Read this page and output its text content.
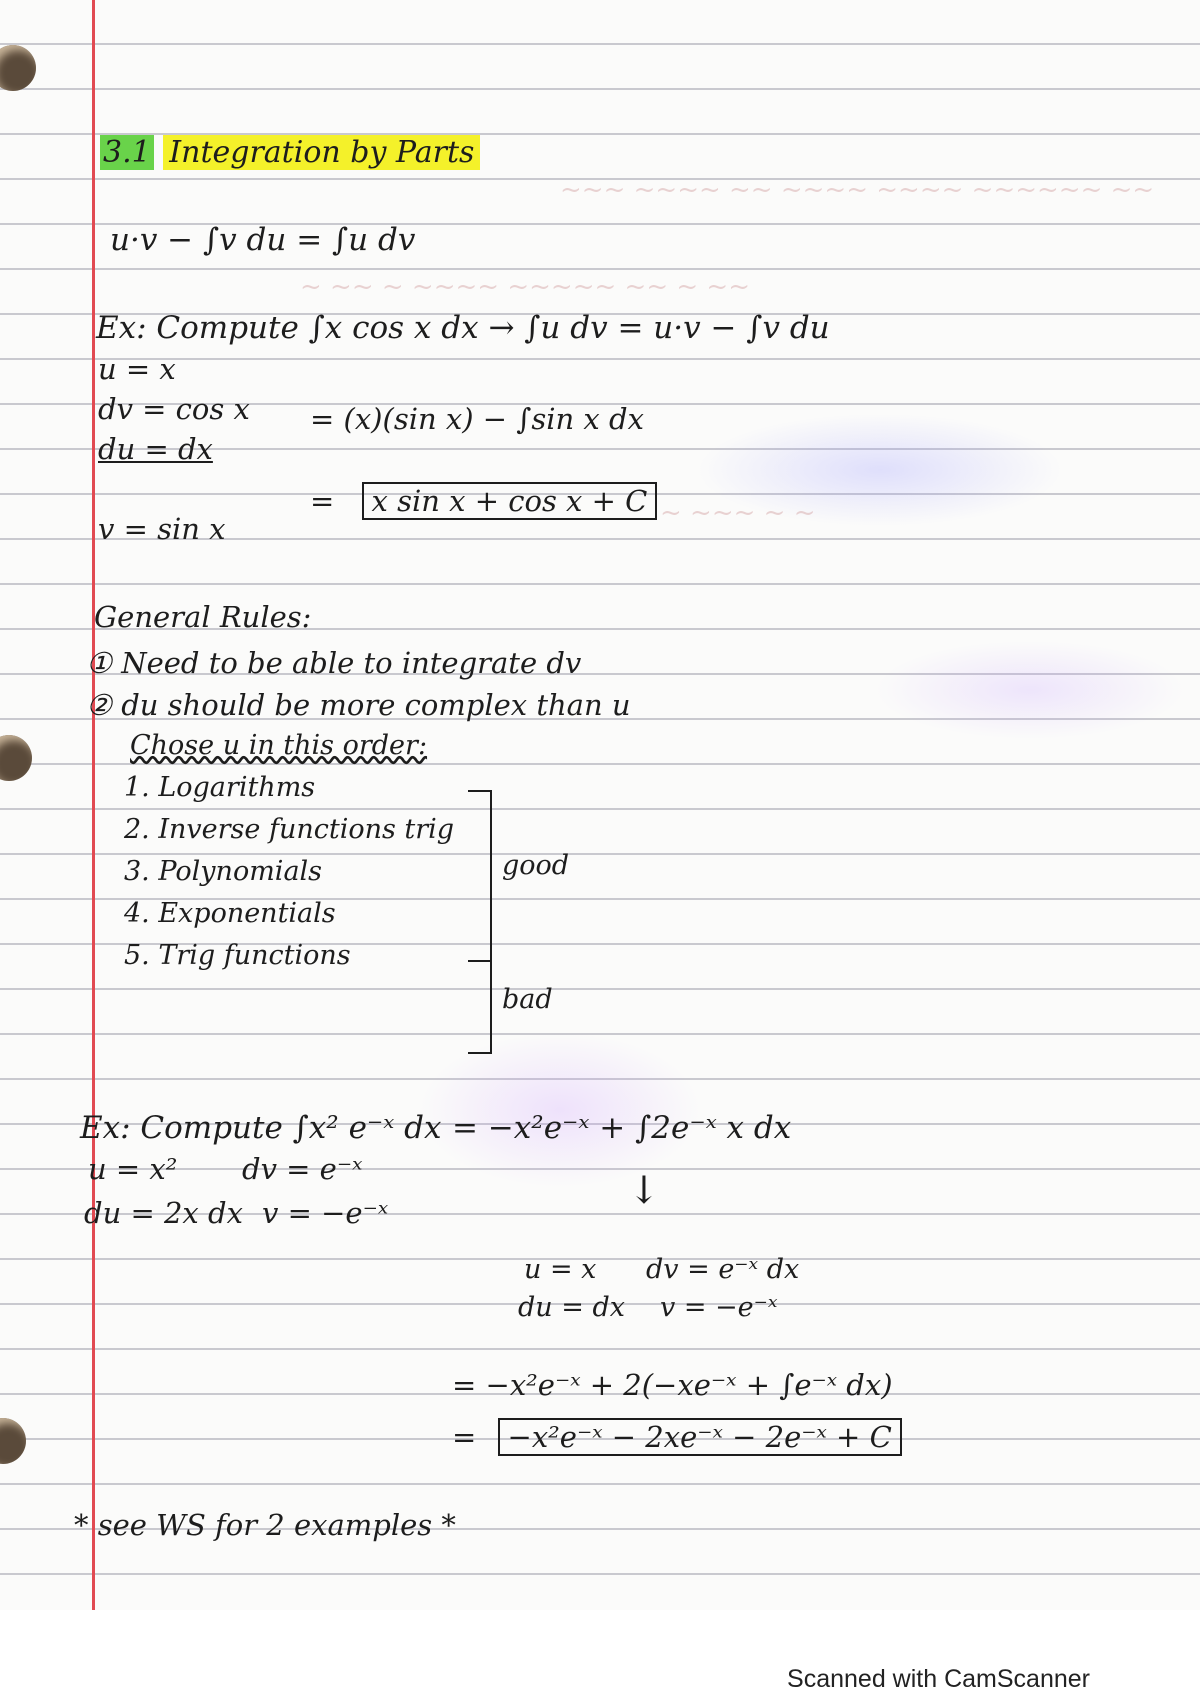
~~~ ~~~~ ~~ ~~~~ ~~~~ ~~~~~~ ~~
~ ~~ ~ ~~~~ ~~~~~ ~~ ~ ~~
~ ~~~ ~ ~
3.1 Integration by Parts
u·v − ∫v du = ∫u dv
Ex: Compute ∫x cos x dx → ∫u dv = u·v − ∫v du
u = x
dv = cos x
du = dx
v = sin x
= (x)(sin x) − ∫sin x dx
= x sin x + cos x + C
General Rules:
① Need to be able to integrate dv
② du should be more complex than u
Chose u in this order:
1. Logarithms
2. Inverse functions trig
3. Polynomials
4. Exponentials
5. Trig functions
good
bad
Ex: Compute ∫x² e⁻ˣ dx = −x²e⁻ˣ + ∫2e⁻ˣ x dx
u = x² dv = e⁻ˣ
du = 2x dx v = −e⁻ˣ
↓
u = x dv = e⁻ˣ dx
du = dx v = −e⁻ˣ
= −x²e⁻ˣ + 2(−xe⁻ˣ + ∫e⁻ˣ dx)
= −x²e⁻ˣ − 2xe⁻ˣ − 2e⁻ˣ + C
* see WS for 2 examples *
Scanned with CamScanner
